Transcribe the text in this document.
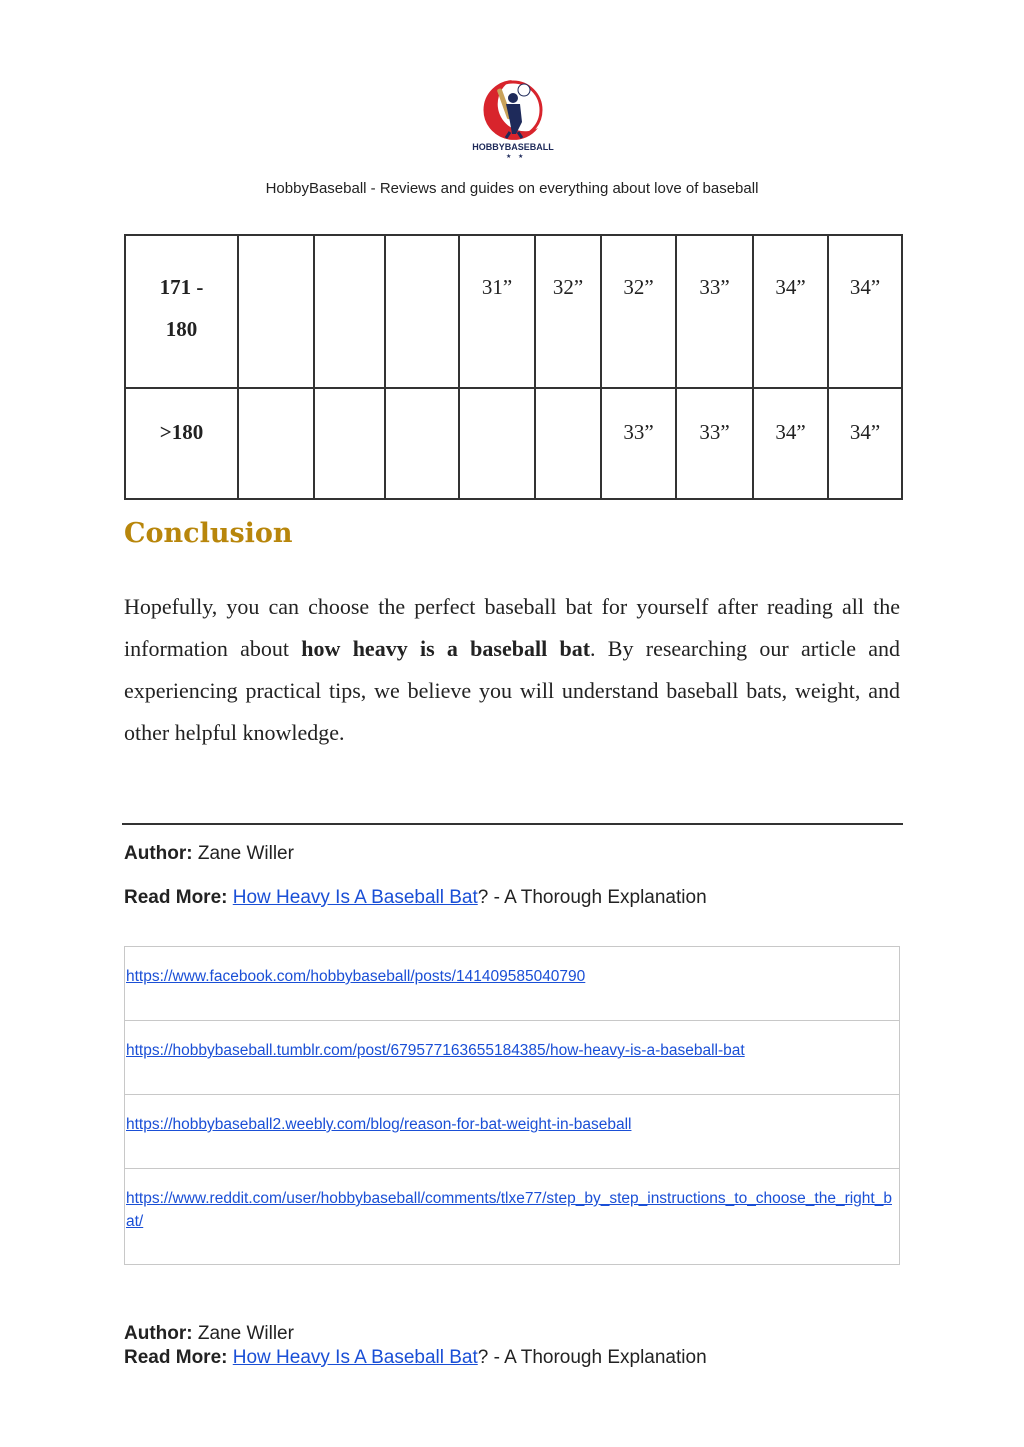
HOBBYBASEBALL
★ ★
HobbyBaseball - Reviews and guides on everything about love of baseball
171 -
180				31”	32”	32”	33”	34”	34”

>180						33”	33”	34”	34”
Conclusion
Hopefully, you can choose the perfect baseball bat for yourself after reading all the information about how heavy is a baseball bat. By researching our article and experiencing practical tips, we believe you will understand baseball bats, weight, and other helpful knowledge.
Author: Zane Willer
Read More: How Heavy Is A Baseball Bat? - A Thorough Explanation
https://www.facebook.com/hobbybaseball/posts/141409585040790
https://hobbybaseball.tumblr.com/post/679577163655184385/how-heavy-is-a-baseball-bat
https://hobbybaseball2.weebly.com/blog/reason-for-bat-weight-in-baseball
https://www.reddit.com/user/hobbybaseball/comments/tlxe77/step_by_step_instructions_to_choose_the_right_bat/
Author: Zane Willer
Read More: How Heavy Is A Baseball Bat? - A Thorough Explanation
